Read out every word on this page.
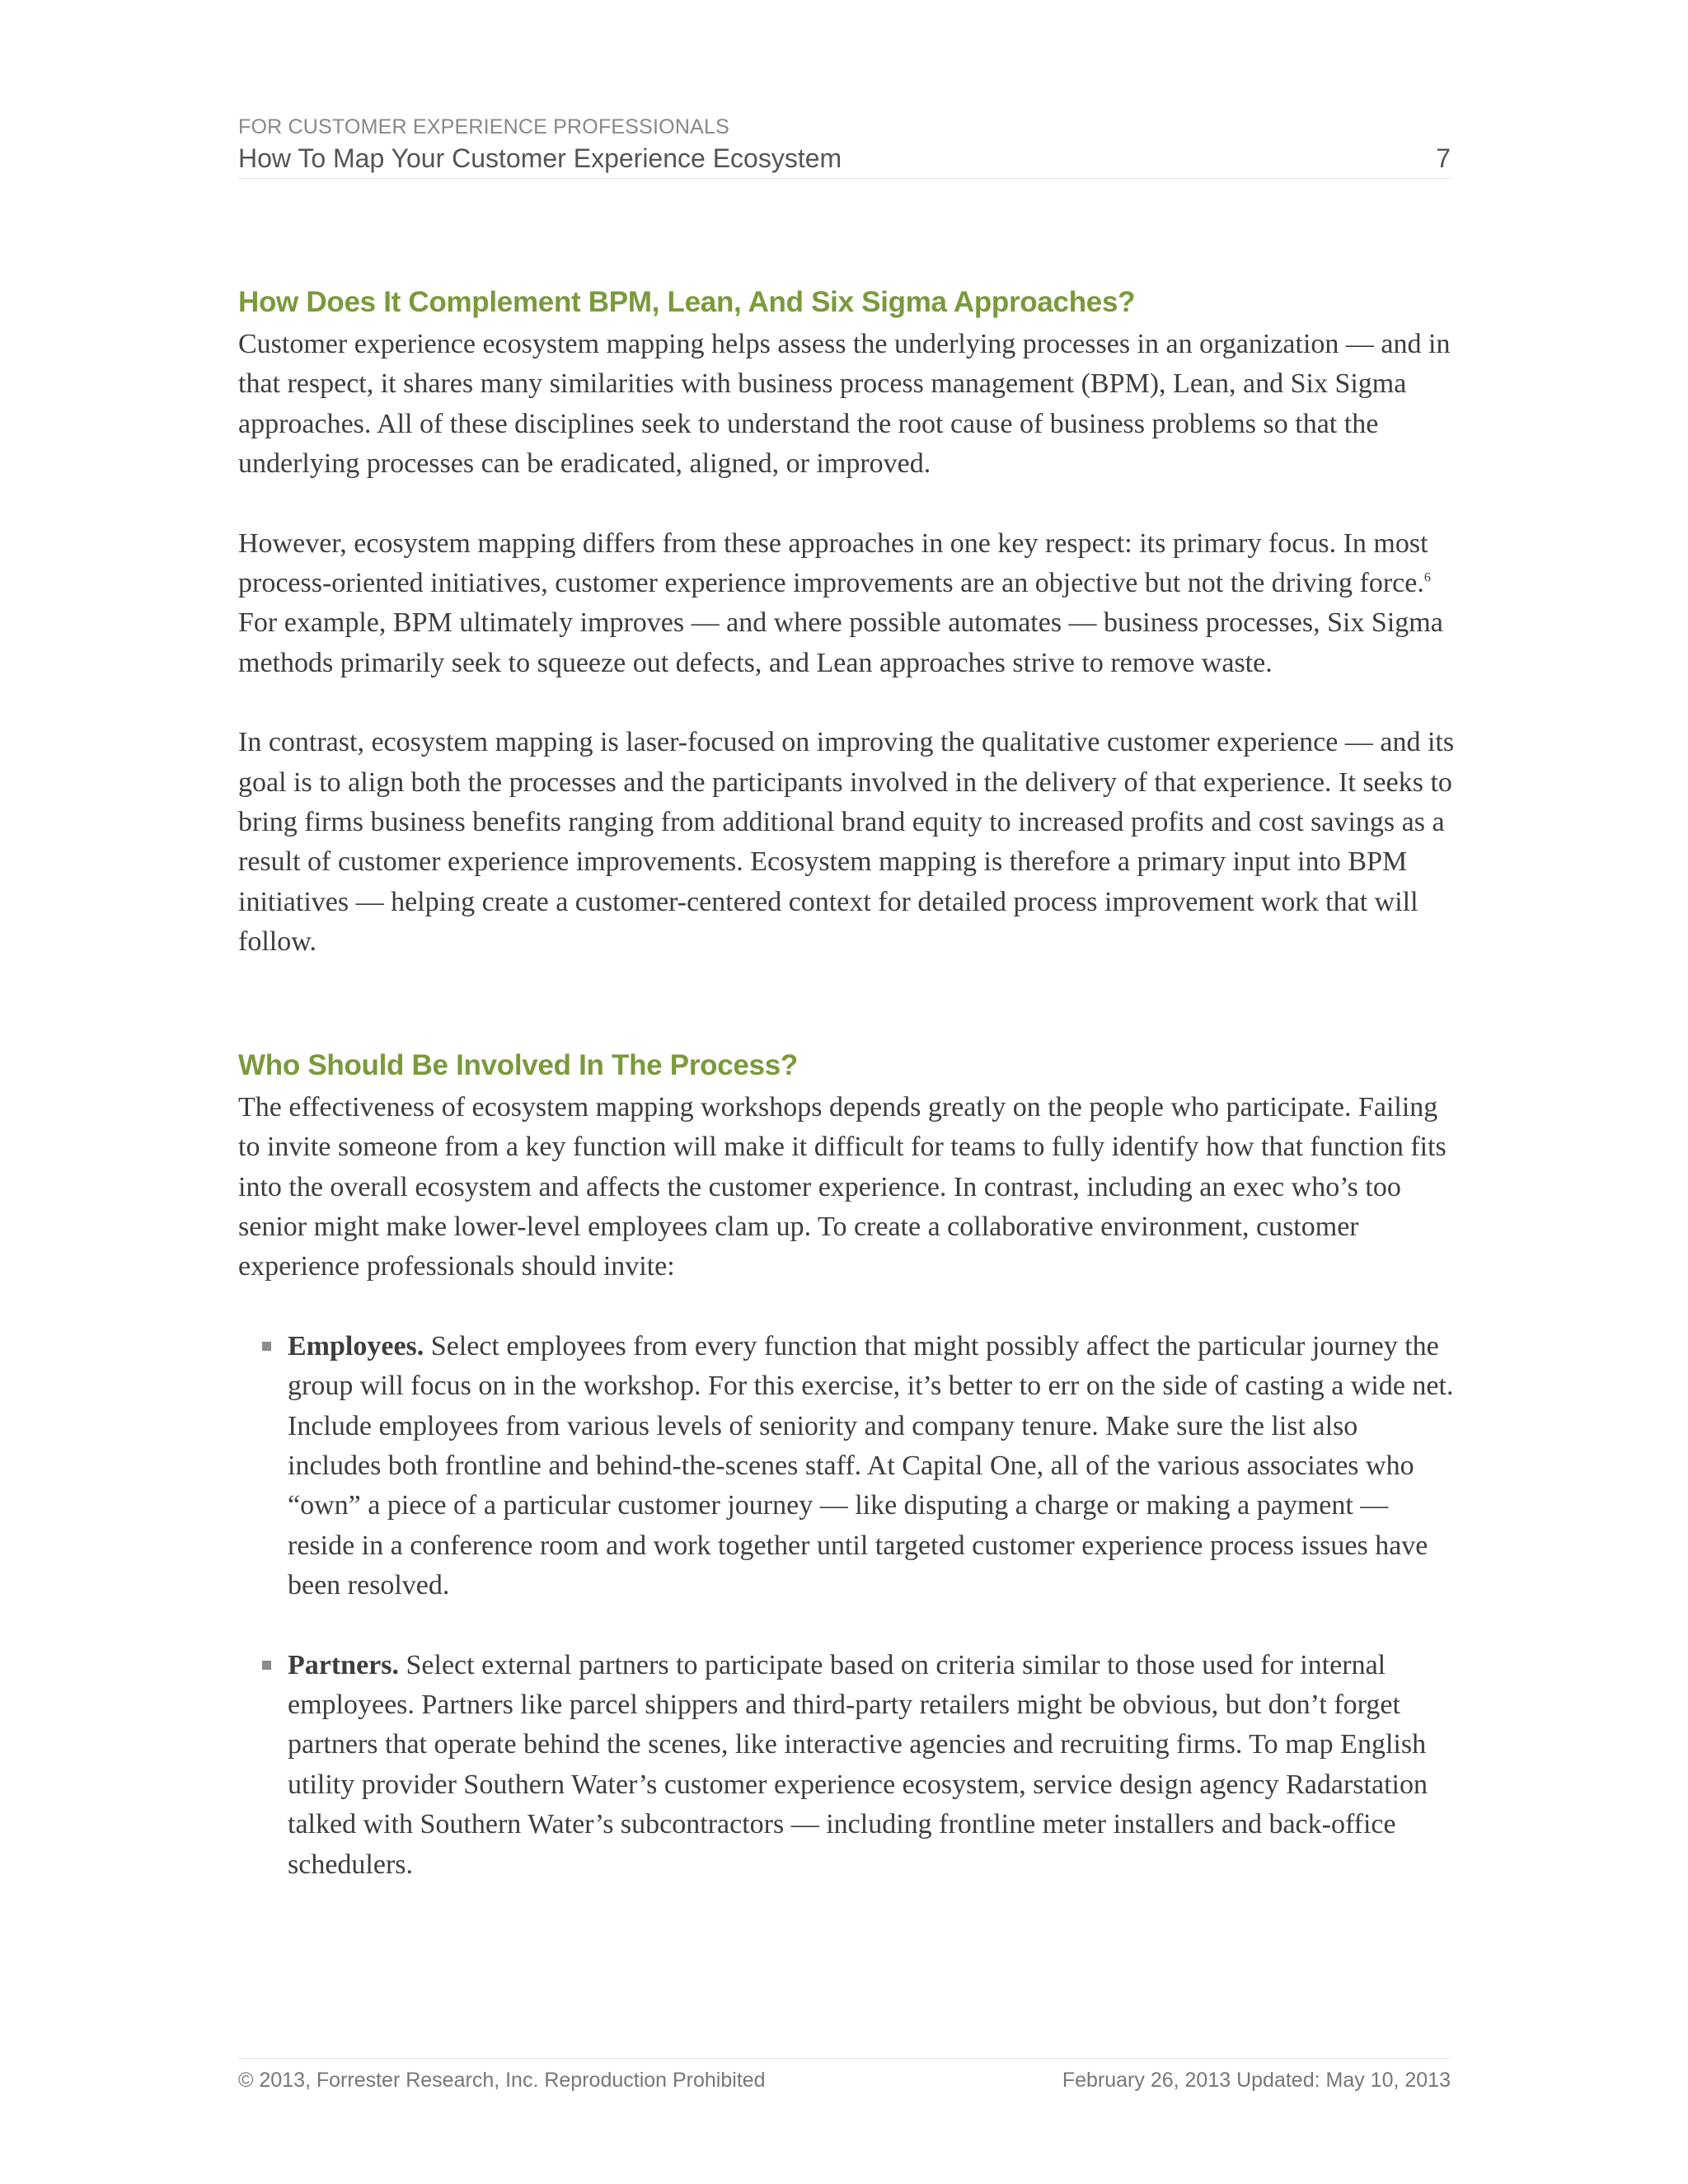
FOR CUSTOMER EXPERIENCE PROFESSIONALS
How To Map Your Customer Experience Ecosystem	7
How Does It Complement BPM, Lean, And Six Sigma Approaches?

Customer experience ecosystem mapping helps assess the underlying processes in an organization — and in that respect, it shares many similarities with business process management (BPM), Lean, and Six Sigma approaches. All of these disciplines seek to understand the root cause of business problems so that the underlying processes can be eradicated, aligned, or improved.

However, ecosystem mapping differs from these approaches in one key respect: its primary focus. In most process-oriented initiatives, customer experience improvements are an objective but not the driving force.$^6$ For example, BPM ultimately improves — and where possible automates — business processes, Six Sigma methods primarily seek to squeeze out defects, and Lean approaches strive to remove waste.

In contrast, ecosystem mapping is laser-focused on improving the qualitative customer experience — and its goal is to align both the processes and the participants involved in the delivery of that experience. It seeks to bring firms business benefits ranging from additional brand equity to increased profits and cost savings as a result of customer experience improvements. Ecosystem mapping is therefore a primary input into BPM initiatives — helping create a customer-centered context for detailed process improvement work that will follow.

Who Should Be Involved In The Process?

The effectiveness of ecosystem mapping workshops depends greatly on the people who participate. Failing to invite someone from a key function will make it difficult for teams to fully identify how that function fits into the overall ecosystem and affects the customer experience. In contrast, including an exec who’s too senior might make lower-level employees clam up. To create a collaborative environment, customer experience professionals should invite:

Employees. Select employees from every function that might possibly affect the particular journey the group will focus on in the workshop. For this exercise, it’s better to err on the side of casting a wide net. Include employees from various levels of seniority and company tenure. Make sure the list also includes both frontline and behind-the-scenes staff. At Capital One, all of the various associates who “own” a piece of a particular customer journey — like disputing a charge or making a payment — reside in a conference room and work together until targeted customer experience process issues have been resolved.
Partners. Select external partners to participate based on criteria similar to those used for internal employees. Partners like parcel shippers and third-party retailers might be obvious, but don’t forget partners that operate behind the scenes, like interactive agencies and recruiting firms. To map English utility provider Southern Water’s customer experience ecosystem, service design agency Radarstation talked with Southern Water’s subcontractors — including frontline meter installers and back-office schedulers.
© 2013, Forrester Research, Inc. Reproduction Prohibited	February 26, 2013 Updated: May 10, 2013
